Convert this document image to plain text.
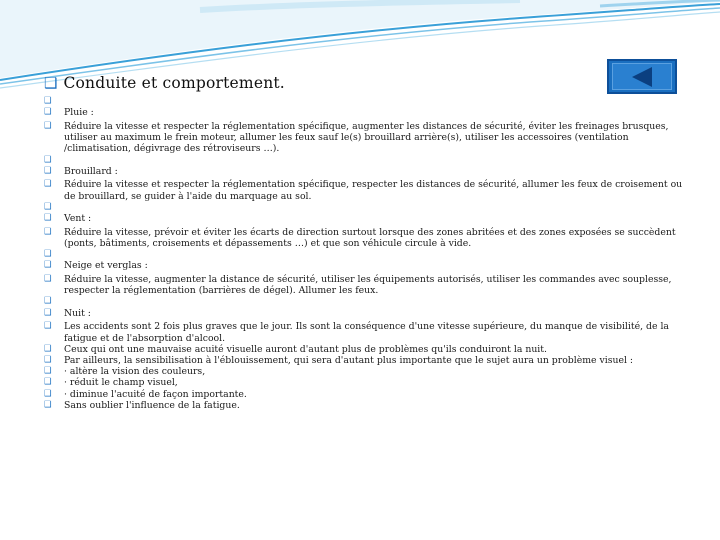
❑ Conduite et comportement.
❑
❑	Pluie :
❑	Réduire la vitesse et respecter la réglementation spécifique, augmenter les distances de sécurité, éviter les freinages brusques, utiliser au maximum le frein moteur, allumer les feux sauf le(s) brouillard arrière(s), utiliser les accessoires (ventilation /climatisation, dégivrage des rétroviseurs …).
❑
❑	Brouillard :
❑	Réduire la vitesse et respecter la réglementation spécifique, respecter les distances de sécurité, allumer les feux de croisement ou de brouillard, se guider à l'aide du marquage au sol.
❑
❑	Vent :
❑	Réduire la vitesse, prévoir et éviter les écarts de direction surtout lorsque des zones abritées et des zones exposées se succèdent (ponts, bâtiments, croisements et dépassements …) et que son véhicule circule à vide.
❑
❑	Neige et verglas :
❑	Réduire la vitesse, augmenter la distance de sécurité, utiliser les équipements autorisés, utiliser les commandes avec souplesse, respecter la réglementation (barrières de dégel). Allumer les feux.
❑
❑	Nuit :
❑	Les accidents sont 2 fois plus graves que le jour. Ils sont la conséquence d'une vitesse supérieure, du manque de visibilité, de la fatigue et de l'absorption d'alcool.
❑	Ceux qui ont une mauvaise acuité visuelle auront d'autant plus de problèmes qu'ils conduiront la nuit.
❑	Par ailleurs, la sensibilisation à l'éblouissement, qui sera d'autant plus importante que le sujet aura un problème visuel :
❑	· altère la vision des couleurs,
❑	· réduit le champ visuel,
❑	· diminue l'acuité de façon importante.
❑	Sans oublier l'influence de la fatigue.
